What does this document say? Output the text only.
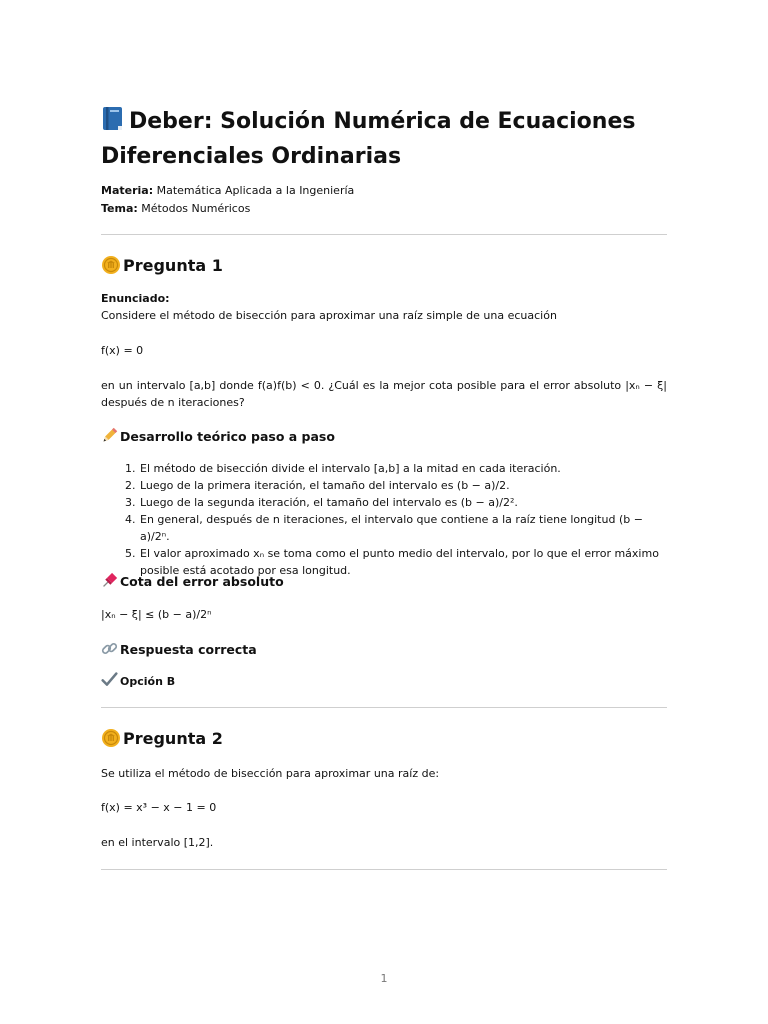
Deber: Solución Numérica de Ecuaciones Diferenciales Ordinarias
Materia: Matemática Aplicada a la Ingeniería
Tema: Métodos Numéricos
Pregunta 1
Enunciado:
Considere el método de bisección para aproximar una raíz simple de una ecuación
f(x) = 0
en un intervalo [a,b] donde f(a)f(b) < 0. ¿Cuál es la mejor cota posible para el error absoluto |xₙ − ξ| después de n iteraciones?
Desarrollo teórico paso a paso
1. El método de bisección divide el intervalo [a,b] a la mitad en cada iteración.
2. Luego de la primera iteración, el tamaño del intervalo es (b − a)/2.
3. Luego de la segunda iteración, el tamaño del intervalo es (b − a)/2².
4. En general, después de n iteraciones, el intervalo que contiene a la raíz tiene longitud (b − a)/2ⁿ.
5. El valor aproximado xₙ se toma como el punto medio del intervalo, por lo que el error máximo posible está acotado por esa longitud.
Cota del error absoluto
|xₙ − ξ| ≤ (b − a)/2ⁿ
Respuesta correcta
Opción B
Pregunta 2
Se utiliza el método de bisección para aproximar una raíz de:
f(x) = x³ − x − 1 = 0
en el intervalo [1,2].
1
